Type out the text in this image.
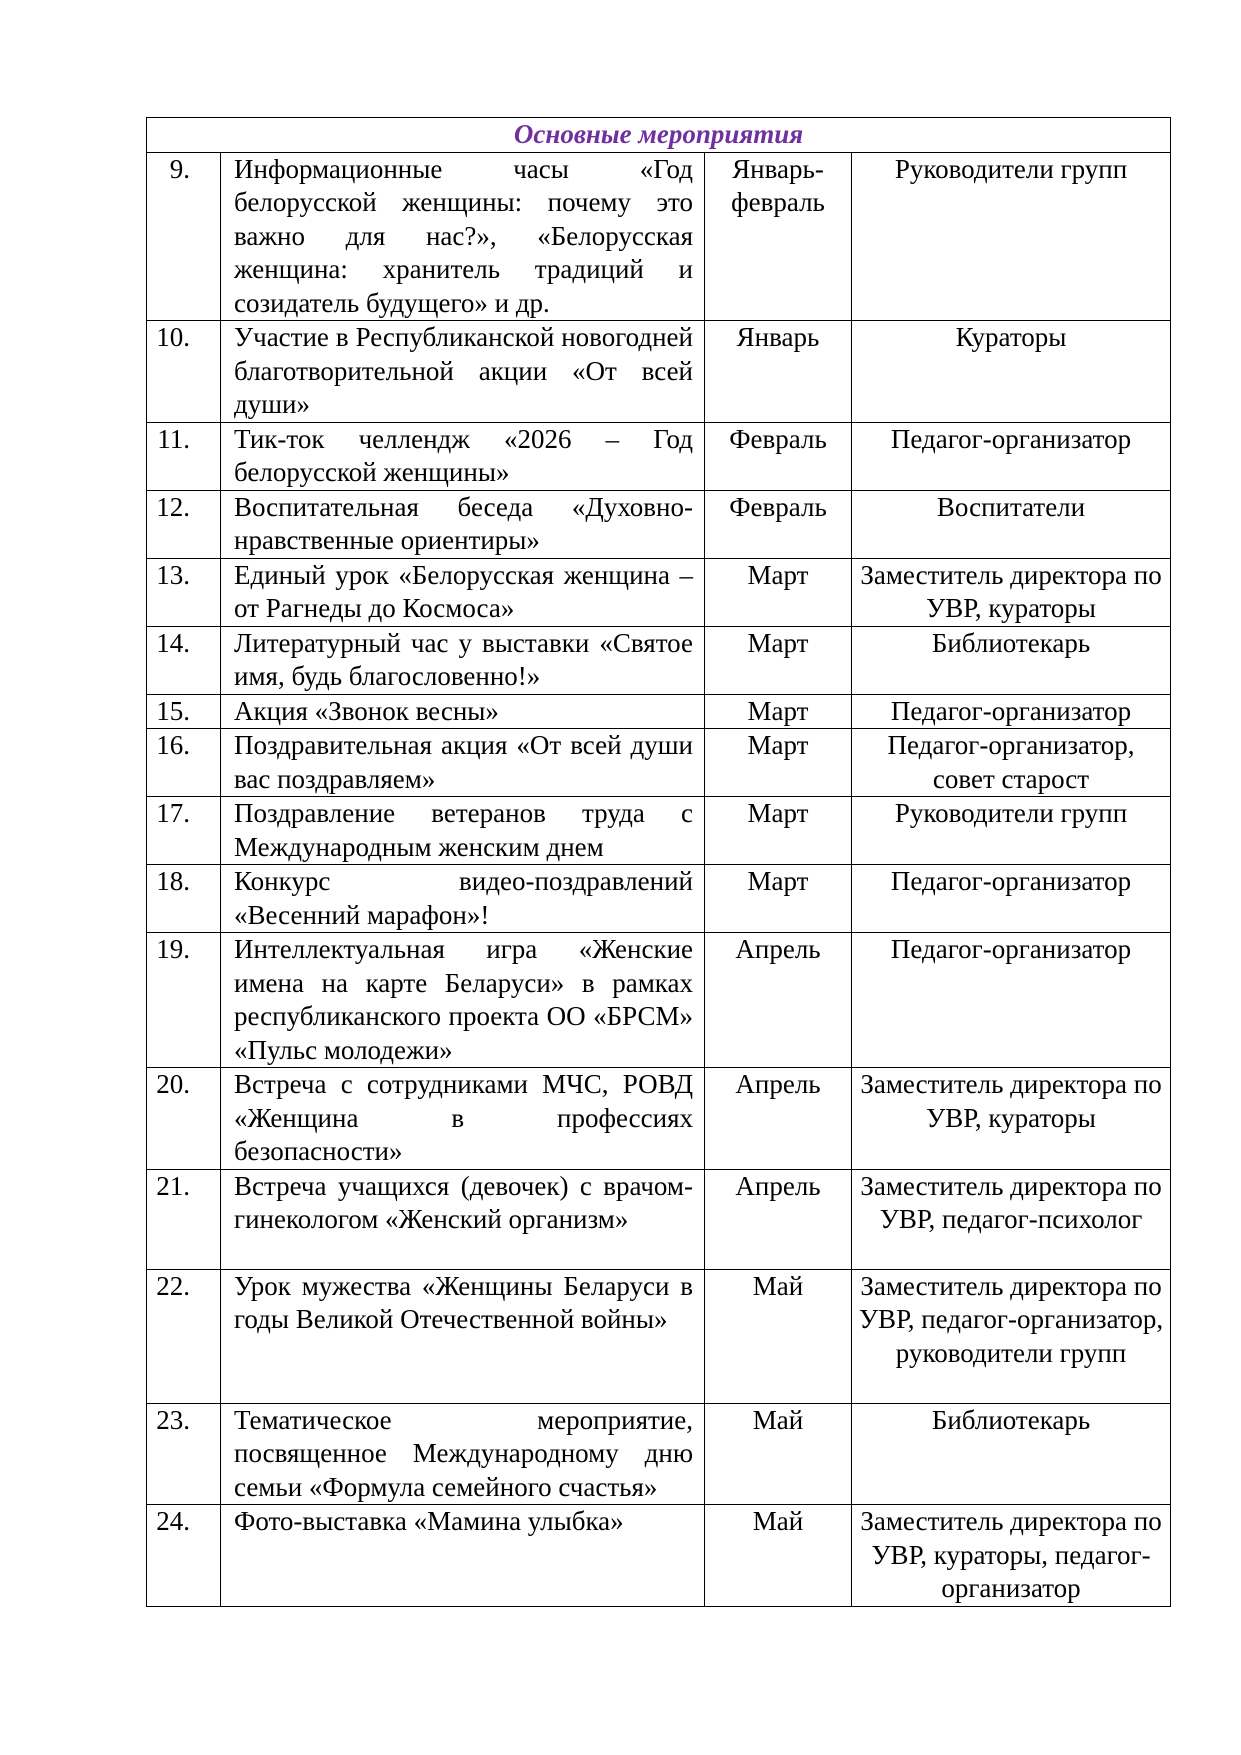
Основные мероприятия			
9.	Информационные часы «Год белорусской женщины: почему это важно для нас?», «Белорусская женщина: хранитель традиций и созидатель будущего» и др.	Январь-февраль	Руководители групп
10.	Участие в Республиканской новогодней благотворительной акции «От всей души»	Январь	Кураторы
11.	Тик-ток челлендж «2026 – Год белорусской женщины»	Февраль	Педагог-организатор
12.	Воспитательная беседа «Духовно-нравственные ориентиры»	Февраль	Воспитатели
13.	Единый урок «Белорусская женщина – от Рагнеды до Космоса»	Март	Заместитель директора по УВР, кураторы
14.	Литературный час у выставки «Святое имя, будь благословенно!»	Март	Библиотекарь
15.	Акция «Звонок весны»	Март	Педагог-организатор
16.	Поздравительная акция «От всей души вас поздравляем»	Март	Педагог-организатор, совет старост
17.	Поздравление ветеранов труда с Международным женским днем	Март	Руководители групп
18.	Конкурс видео-поздравлений «Весенний марафон»!	Март	Педагог-организатор
19.	Интеллектуальная игра «Женские имена на карте Беларуси» в рамках республиканского проекта ОО «БРСМ» «Пульс молодежи»	Апрель	Педагог-организатор
20.	Встреча с сотрудниками МЧС, РОВД «Женщина в профессиях безопасности»	Апрель	Заместитель директора по УВР, кураторы
21.	Встреча учащихся (девочек) с врачом-гинекологом «Женский организм»	Апрель	Заместитель директора по УВР, педагог-психолог
22.	Урок мужества «Женщины Беларуси в годы Великой Отечественной войны»	Май	Заместитель директора по УВР, педагог-организатор, руководители групп
23.	Тематическое мероприятие, посвященное Международному дню семьи «Формула семейного счастья»	Май	Библиотекарь
24.	Фото-выставка «Мамина улыбка»	Май	Заместитель директора по УВР, кураторы, педагог-организатор
